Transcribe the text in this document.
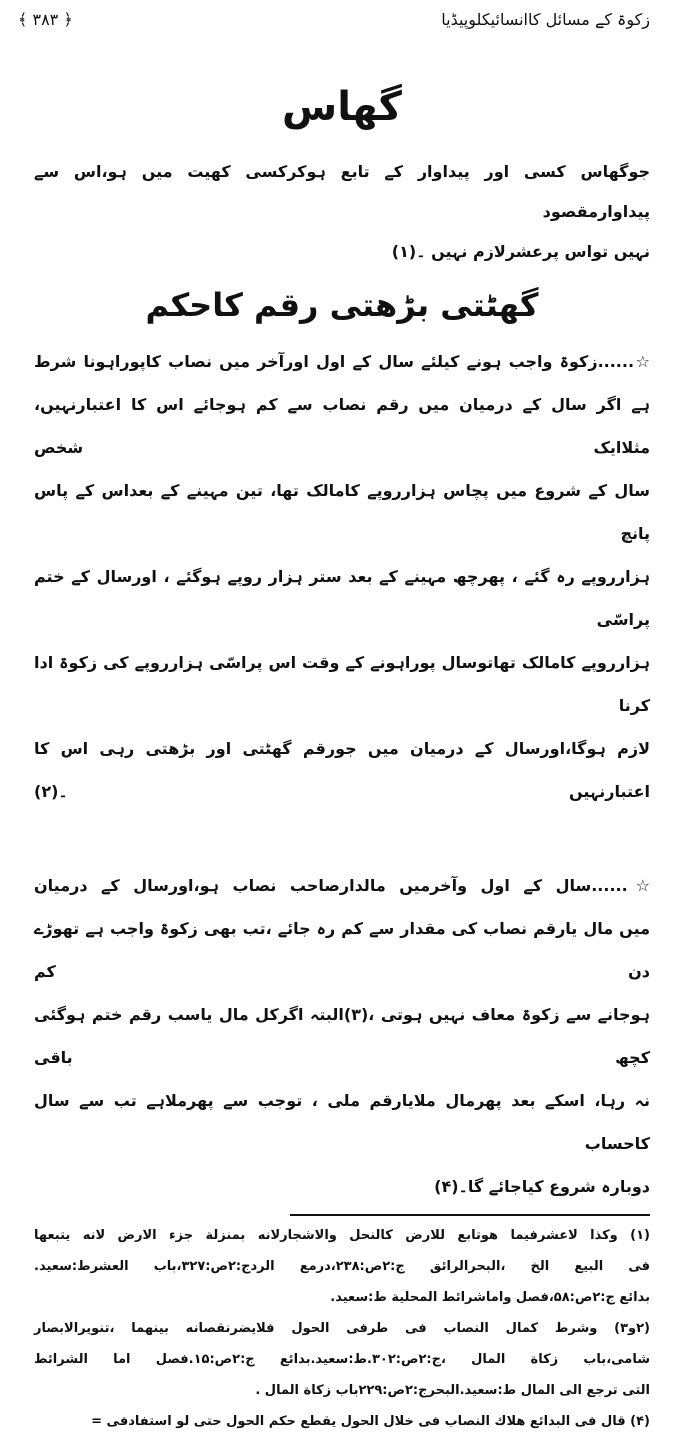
﴿ ۳۸۳ ﴾	زکوۃ کے مسائل کاانسائیکلوپیڈیا
گھاس
جوگھاس کسی اور پیداوار کے تابع ہوکرکسی کھیت میں ہو،اس سے پیداوارمقصود
نہیں تواس پرعشرلازم نہیں ۔(۱)
گھٹتی بڑھتی رقم کاحکم
☆......زکوۃ واجب ہونے کیلئے سال کے اول اورآخر میں نصاب کاپوراہونا شرط
ہے اگر سال کے درمیان میں رقم نصاب سے کم ہوجائے اس کا اعتبارنہیں، مثلاایک شخص
سال کے شروع میں پچاس ہزارروپے کامالک تھا، تین مہینے کے بعداس کے پاس پانچ
ہزارروپے رہ گئے ، پھرچھ مہینے کے بعد ستر ہزار روپے ہوگئے ، اورسال کے ختم پراسّی
ہزارروپے کامالک تھاتوسال پوراہونے کے وقت اس پراسّی ہزارروپے کی زکوۃ ادا کرنا
لازم ہوگا،اورسال کے درمیان میں جورقم گھٹتی اور بڑھتی رہی اس کا اعتبارنہیں ۔(۲)
☆......سال کے اول وآخرمیں مالدارصاحب نصاب ہو،اورسال کے درمیان
میں مال یارقم نصاب کی مقدار سے کم رہ جائے ،تب بھی زکوۃ واجب ہے تھوڑے دن کم
ہوجانے سے زکوۃ معاف نہیں ہوتی ،(۳)البتہ اگرکل مال یاسب رقم ختم ہوگئی کچھ باقی
نہ رہا، اسکے بعد پھرمال ملایارقم ملی ، توجب سے پھرملاہے تب سے سال کاحساب
دوبارہ شروع کیاجائے گا۔(۴)
(۱) وکذا لاعشرفیما هوتابع للارض کالنحل والاشجارلانه بمنزلة جزء الارض لانه یتبعها
فی البیع الخ ،البحرالرائق ج:۲ص:۲۳۸،درمع الردج:۲ص:۳۲۷،باب العشرط:سعید.
بدائع ج:۲ص:۵۸،فصل واماشرائط المحلیة ط:سعید.
(۲و۳) وشرط کمال النصاب فی طرفی الحول فلایضرنقصانه بینهما ،تنویرالابصار
شامی،باب زکاة المال ،ج:۲ص:۳۰۲.ط:سعید.بدائع ج:۲ص:۱۵.فصل اما الشرائط
التی ترجع الی المال ط:سعید.البحرج:۲ص:۲۲۹باب زکاة المال .
(۴) قال فی البدائع هلاك النصاب فی خلال الحول یقطع حکم الحول حتی لو استفادفی =
